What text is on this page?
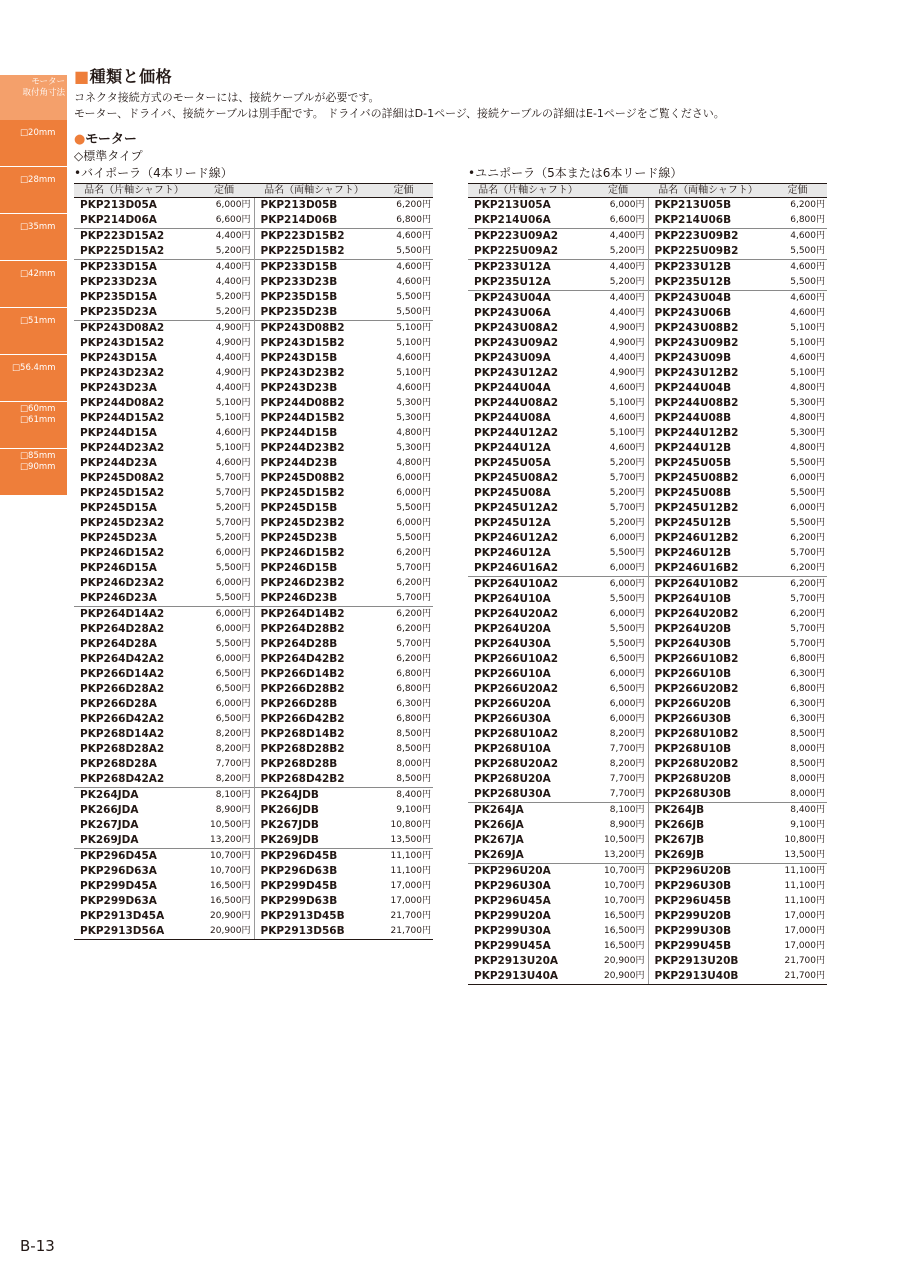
モーター
取付角寸法
□20mm
□28mm
□35mm
□42mm
□51mm
□56.4mm
□60mm
□61mm
□85mm
□90mm
■種類と価格
コネクタ接続方式のモーターには、接続ケーブルが必要です。
モーター、ドライバ、接続ケーブルは別手配です。 ドライバの詳細はD-1ページ、接続ケーブルの詳細はE-1ページをご覧ください。
●モーター
◇標準タイプ
•バイポーラ（4本リード線）
品名（片軸シャフト）	定価	品名（両軸シャフト）	定価
PKP213D05A	6,000円	PKP213D05B	6,200円
PKP214D06A	6,600円	PKP214D06B	6,800円
PKP223D15A2	4,400円	PKP223D15B2	4,600円
PKP225D15A2	5,200円	PKP225D15B2	5,500円
PKP233D15A	4,400円	PKP233D15B	4,600円
PKP233D23A	4,400円	PKP233D23B	4,600円
PKP235D15A	5,200円	PKP235D15B	5,500円
PKP235D23A	5,200円	PKP235D23B	5,500円
PKP243D08A2	4,900円	PKP243D08B2	5,100円
PKP243D15A2	4,900円	PKP243D15B2	5,100円
PKP243D15A	4,400円	PKP243D15B	4,600円
PKP243D23A2	4,900円	PKP243D23B2	5,100円
PKP243D23A	4,400円	PKP243D23B	4,600円
PKP244D08A2	5,100円	PKP244D08B2	5,300円
PKP244D15A2	5,100円	PKP244D15B2	5,300円
PKP244D15A	4,600円	PKP244D15B	4,800円
PKP244D23A2	5,100円	PKP244D23B2	5,300円
PKP244D23A	4,600円	PKP244D23B	4,800円
PKP245D08A2	5,700円	PKP245D08B2	6,000円
PKP245D15A2	5,700円	PKP245D15B2	6,000円
PKP245D15A	5,200円	PKP245D15B	5,500円
PKP245D23A2	5,700円	PKP245D23B2	6,000円
PKP245D23A	5,200円	PKP245D23B	5,500円
PKP246D15A2	6,000円	PKP246D15B2	6,200円
PKP246D15A	5,500円	PKP246D15B	5,700円
PKP246D23A2	6,000円	PKP246D23B2	6,200円
PKP246D23A	5,500円	PKP246D23B	5,700円
PKP264D14A2	6,000円	PKP264D14B2	6,200円
PKP264D28A2	6,000円	PKP264D28B2	6,200円
PKP264D28A	5,500円	PKP264D28B	5,700円
PKP264D42A2	6,000円	PKP264D42B2	6,200円
PKP266D14A2	6,500円	PKP266D14B2	6,800円
PKP266D28A2	6,500円	PKP266D28B2	6,800円
PKP266D28A	6,000円	PKP266D28B	6,300円
PKP266D42A2	6,500円	PKP266D42B2	6,800円
PKP268D14A2	8,200円	PKP268D14B2	8,500円
PKP268D28A2	8,200円	PKP268D28B2	8,500円
PKP268D28A	7,700円	PKP268D28B	8,000円
PKP268D42A2	8,200円	PKP268D42B2	8,500円
PK264JDA	8,100円	PK264JDB	8,400円
PK266JDA	8,900円	PK266JDB	9,100円
PK267JDA	10,500円	PK267JDB	10,800円
PK269JDA	13,200円	PK269JDB	13,500円
PKP296D45A	10,700円	PKP296D45B	11,100円
PKP296D63A	10,700円	PKP296D63B	11,100円
PKP299D45A	16,500円	PKP299D45B	17,000円
PKP299D63A	16,500円	PKP299D63B	17,000円
PKP2913D45A	20,900円	PKP2913D45B	21,700円
PKP2913D56A	20,900円	PKP2913D56B	21,700円
•ユニポーラ（5本または6本リード線）
品名（片軸シャフト）	定価	品名（両軸シャフト）	定価
PKP213U05A	6,000円	PKP213U05B	6,200円
PKP214U06A	6,600円	PKP214U06B	6,800円
PKP223U09A2	4,400円	PKP223U09B2	4,600円
PKP225U09A2	5,200円	PKP225U09B2	5,500円
PKP233U12A	4,400円	PKP233U12B	4,600円
PKP235U12A	5,200円	PKP235U12B	5,500円
PKP243U04A	4,400円	PKP243U04B	4,600円
PKP243U06A	4,400円	PKP243U06B	4,600円
PKP243U08A2	4,900円	PKP243U08B2	5,100円
PKP243U09A2	4,900円	PKP243U09B2	5,100円
PKP243U09A	4,400円	PKP243U09B	4,600円
PKP243U12A2	4,900円	PKP243U12B2	5,100円
PKP244U04A	4,600円	PKP244U04B	4,800円
PKP244U08A2	5,100円	PKP244U08B2	5,300円
PKP244U08A	4,600円	PKP244U08B	4,800円
PKP244U12A2	5,100円	PKP244U12B2	5,300円
PKP244U12A	4,600円	PKP244U12B	4,800円
PKP245U05A	5,200円	PKP245U05B	5,500円
PKP245U08A2	5,700円	PKP245U08B2	6,000円
PKP245U08A	5,200円	PKP245U08B	5,500円
PKP245U12A2	5,700円	PKP245U12B2	6,000円
PKP245U12A	5,200円	PKP245U12B	5,500円
PKP246U12A2	6,000円	PKP246U12B2	6,200円
PKP246U12A	5,500円	PKP246U12B	5,700円
PKP246U16A2	6,000円	PKP246U16B2	6,200円
PKP264U10A2	6,000円	PKP264U10B2	6,200円
PKP264U10A	5,500円	PKP264U10B	5,700円
PKP264U20A2	6,000円	PKP264U20B2	6,200円
PKP264U20A	5,500円	PKP264U20B	5,700円
PKP264U30A	5,500円	PKP264U30B	5,700円
PKP266U10A2	6,500円	PKP266U10B2	6,800円
PKP266U10A	6,000円	PKP266U10B	6,300円
PKP266U20A2	6,500円	PKP266U20B2	6,800円
PKP266U20A	6,000円	PKP266U20B	6,300円
PKP266U30A	6,000円	PKP266U30B	6,300円
PKP268U10A2	8,200円	PKP268U10B2	8,500円
PKP268U10A	7,700円	PKP268U10B	8,000円
PKP268U20A2	8,200円	PKP268U20B2	8,500円
PKP268U20A	7,700円	PKP268U20B	8,000円
PKP268U30A	7,700円	PKP268U30B	8,000円
PK264JA	8,100円	PK264JB	8,400円
PK266JA	8,900円	PK266JB	9,100円
PK267JA	10,500円	PK267JB	10,800円
PK269JA	13,200円	PK269JB	13,500円
PKP296U20A	10,700円	PKP296U20B	11,100円
PKP296U30A	10,700円	PKP296U30B	11,100円
PKP296U45A	10,700円	PKP296U45B	11,100円
PKP299U20A	16,500円	PKP299U20B	17,000円
PKP299U30A	16,500円	PKP299U30B	17,000円
PKP299U45A	16,500円	PKP299U45B	17,000円
PKP2913U20A	20,900円	PKP2913U20B	21,700円
PKP2913U40A	20,900円	PKP2913U40B	21,700円
B-13
